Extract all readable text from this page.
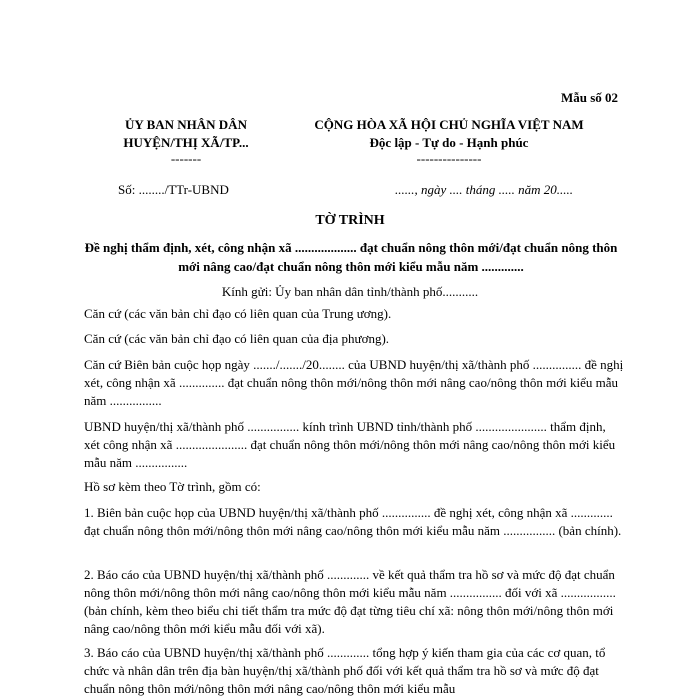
Mẫu số 02
ỦY BAN NHÂN DÂN
HUYỆN/THỊ XÃ/TP...
-------
CỘNG HÒA XÃ HỘI CHỦ NGHĨA VIỆT NAM
Độc lập - Tự do - Hạnh phúc
---------------
Số: ......../TTr-UBND	......, ngày .... tháng ..... năm 20.....
TỜ TRÌNH
Đề nghị thẩm định, xét, công nhận xã ................... đạt chuẩn nông thôn mới/đạt chuẩn nông thôn mới nâng cao/đạt chuẩn nông thôn mới kiểu mẫu năm .............
Kính gửi: Ủy ban nhân dân tỉnh/thành phố...........
Căn cứ (các văn bản chỉ đạo có liên quan của Trung ương).
Căn cứ (các văn bản chỉ đạo có liên quan của địa phương).
Căn cứ Biên bản cuộc họp ngày ......./......./20........ của UBND huyện/thị xã/thành phố ............... đề nghị xét, công nhận xã .............. đạt chuẩn nông thôn mới/nông thôn mới nâng cao/nông thôn mới kiểu mẫu năm ................
UBND huyện/thị xã/thành phố ................ kính trình UBND tỉnh/thành phố ...................... thẩm định, xét công nhận xã ...................... đạt chuẩn nông thôn mới/nông thôn mới nâng cao/nông thôn mới kiểu mẫu năm ................
Hồ sơ kèm theo Tờ trình, gồm có:
1. Biên bản cuộc họp của UBND huyện/thị xã/thành phố ............... đề nghị xét, công nhận xã ............. đạt chuẩn nông thôn mới/nông thôn mới nâng cao/nông thôn mới kiểu mẫu năm ................ (bản chính).
2. Báo cáo của UBND huyện/thị xã/thành phố ............. về kết quả thẩm tra hồ sơ và mức độ đạt chuẩn nông thôn mới/nông thôn mới nâng cao/nông thôn mới kiểu mẫu năm ................ đối với xã ................. (bản chính, kèm theo biểu chi tiết thẩm tra mức độ đạt từng tiêu chí xã: nông thôn mới/nông thôn mới nâng cao/nông thôn mới kiểu mẫu đối với xã).
3. Báo cáo của UBND huyện/thị xã/thành phố ............. tổng hợp ý kiến tham gia của các cơ quan, tổ chức và nhân dân trên địa bàn huyện/thị xã/thành phố đối với kết quả thẩm tra hồ sơ và mức độ đạt chuẩn nông thôn mới/nông thôn mới nâng cao/nông thôn mới kiểu mẫu
